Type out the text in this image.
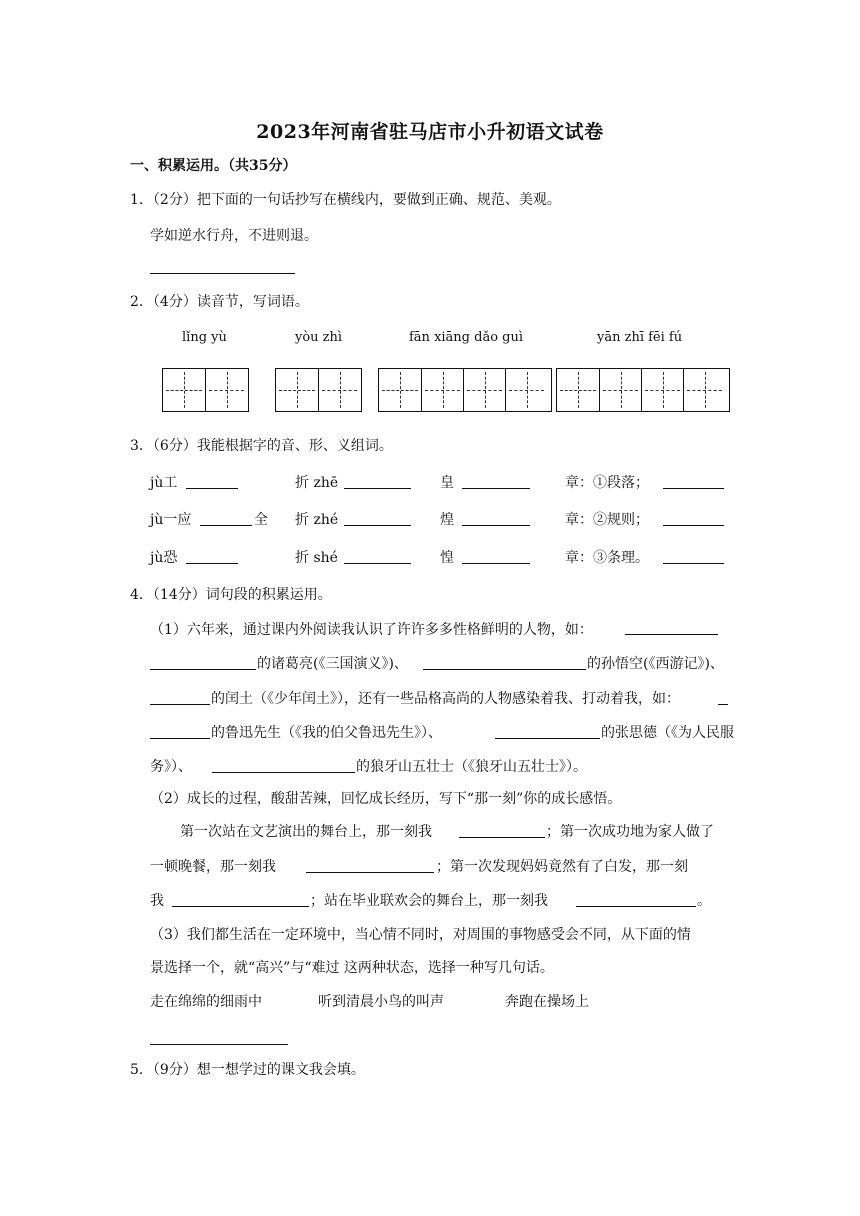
2023年河南省驻马店市小升初语文试卷
一、积累运用。（共35分）
1．（2分）把下面的一句话抄写在横线内，要做到正确、规范、美观。
学如逆水行舟，不进则退。
2．（4分）读音节，写词语。
lǐng yù	yòu zhì	fān xiāng dǎo guì	yān zhī fēi fú
3．（6分）我能根据字的音、形、义组词。
jù工	折 zhē	皇	章：①段落；
jù一应	全 折 zhé	煌	章：②规则；
jù恐	折 shé	惶	章：③条理。
4．（14分）词句段的积累运用。
（1）六年来，通过课内外阅读我认识了许许多多性格鲜明的人物，如：
的诸葛亮(《三国演义》)、	的孙悟空(《西游记》)、
的闰土（《少年闰土》），还有一些品格高尚的人物感染着我、打动着我，如：
的鲁迅先生（《我的伯父鲁迅先生》）、	的张思德（《为人民服
务》）、	的狼牙山五壮士（《狼牙山五壮士》）。
（2）成长的过程，酸甜苦辣，回忆成长经历，写下“那一刻”你的成长感悟。
第一次站在文艺演出的舞台上，那一刻我	；第一次成功地为家人做了
一顿晚餐，那一刻我	；第一次发现妈妈竟然有了白发，那一刻
我	；站在毕业联欢会的舞台上，那一刻我	。
（3）我们都生活在一定环境中，当心情不同时，对周围的事物感受会不同，从下面的情
景选择一个，就“高兴”与“难过 这两种状态，选择一种写几句话。
走在绵绵的细雨中	听到清晨小鸟的叫声	奔跑在操场上
5．（9分）想一想学过的课文我会填。
